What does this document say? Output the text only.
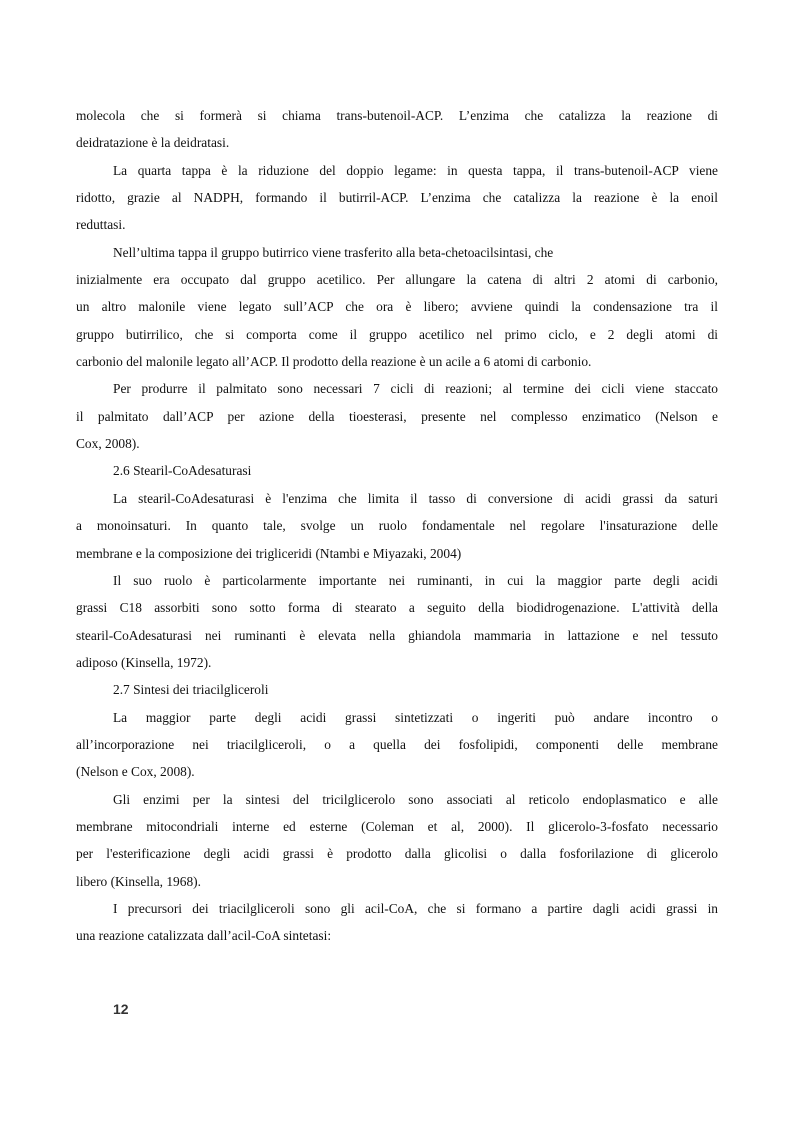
molecola che si formerà si chiama trans-butenoil-ACP. L’enzima che catalizza la reazione di
deidratazione è la deidratasi.
La quarta tappa è la riduzione del doppio legame: in questa tappa, il trans-butenoil-ACP viene
ridotto, grazie al NADPH, formando il butirril-ACP. L’enzima che catalizza la reazione è la enoil
reduttasi.
Nell’ultima tappa il gruppo butirrico viene trasferito alla beta-chetoacilsintasi, che
inizialmente era occupato dal gruppo acetilico. Per allungare la catena di altri 2 atomi di carbonio,
un altro malonile viene legato sull’ACP che ora è libero; avviene quindi la condensazione tra il
gruppo butirrilico, che si comporta come il gruppo acetilico nel primo ciclo, e 2 degli atomi di
carbonio del malonile legato all’ACP. Il prodotto della reazione è un acile a 6 atomi di carbonio.
Per produrre il palmitato sono necessari 7 cicli di reazioni; al termine dei cicli viene staccato
il palmitato dall’ACP per azione della tioesterasi, presente nel complesso enzimatico (Nelson e
Cox, 2008).
2.6 Stearil-CoAdesaturasi
La stearil-CoAdesaturasi è l'enzima che limita il tasso di conversione di acidi grassi da saturi
a monoinsaturi. In quanto tale, svolge un ruolo fondamentale nel regolare l'insaturazione delle
membrane e la composizione dei trigliceridi (Ntambi e Miyazaki, 2004)
Il suo ruolo è particolarmente importante nei ruminanti, in cui la maggior parte degli acidi
grassi C18 assorbiti sono sotto forma di stearato a seguito della biodidrogenazione. L'attività della
stearil-CoAdesaturasi nei ruminanti è elevata nella ghiandola mammaria in lattazione e nel tessuto
adiposo (Kinsella, 1972).
2.7 Sintesi dei triacilgliceroli
La maggior parte degli acidi grassi sintetizzati o ingeriti può andare incontro o
all’incorporazione nei triacilgliceroli, o a quella dei fosfolipidi, componenti delle membrane
(Nelson e Cox, 2008).
Gli enzimi per la sintesi del tricilglicerolo sono associati al reticolo endoplasmatico e alle
membrane mitocondriali interne ed esterne (Coleman et al, 2000). Il glicerolo-3-fosfato necessario
per l'esterificazione degli acidi grassi è prodotto dalla glicolisi o dalla fosforilazione di glicerolo
libero (Kinsella, 1968).
I precursori dei triacilgliceroli sono gli acil-CoA, che si formano a partire dagli acidi grassi in
una reazione catalizzata dall’acil-CoA sintetasi:
12
